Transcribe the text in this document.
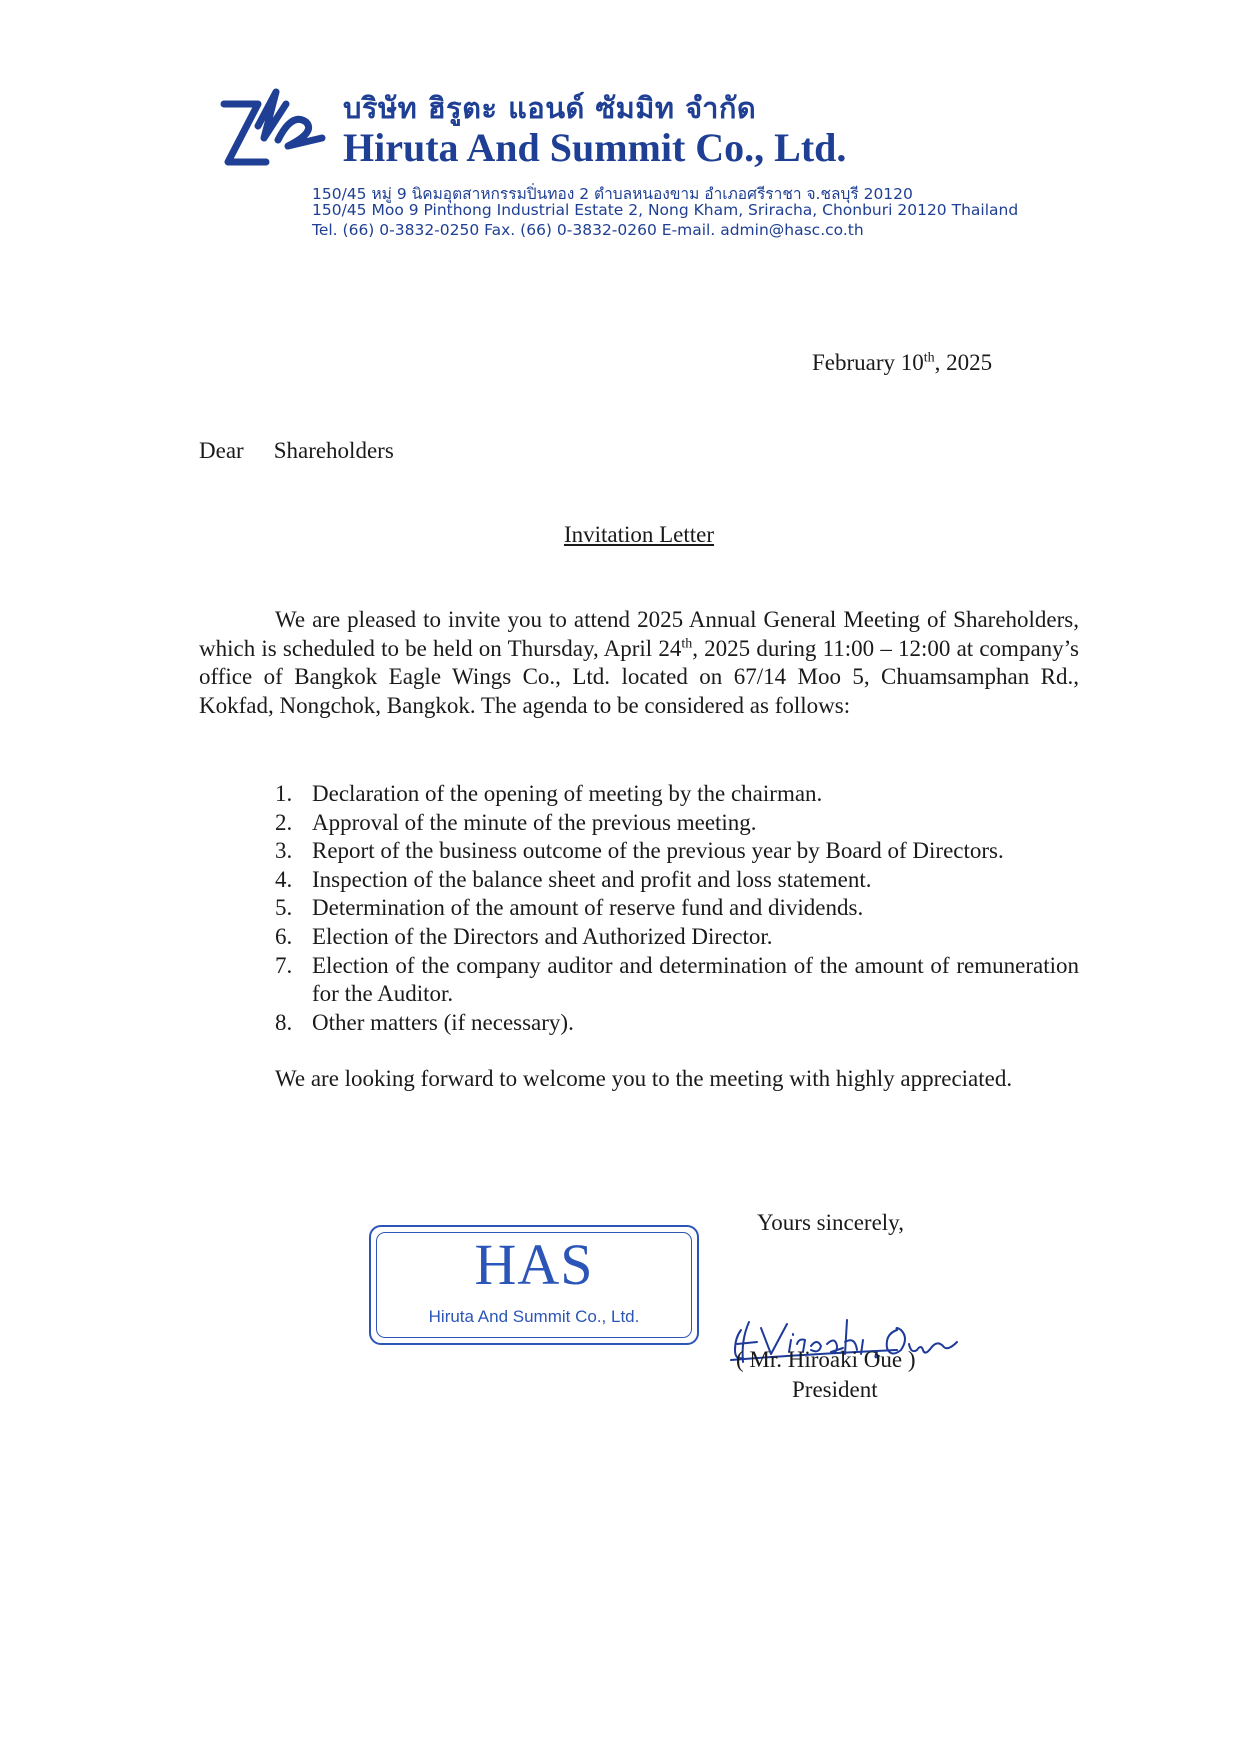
บริษัท ฮิรูตะ แอนด์ ซัมมิท จำกัด
Hiruta And Summit Co., Ltd.
150/45 หมู่ 9 นิคมอุตสาหกรรมปิ่นทอง 2 ตำบลหนองขาม อำเภอศรีราชา จ.ชลบุรี 20120
150/45 Moo 9 Pinthong Industrial Estate 2, Nong Kham, Sriracha, Chonburi 20120 Thailand
Tel. (66) 0-3832-0250 Fax. (66) 0-3832-0260 E-mail. admin@hasc.co.th
February 10th, 2025
Dear Shareholders
Invitation Letter
We are pleased to invite you to attend 2025 Annual General Meeting of Shareholders, which is scheduled to be held on Thursday, April 24th, 2025 during 11:00 – 12:00 at company’s office of Bangkok Eagle Wings Co., Ltd. located on 67/14 Moo 5, Chuamsamphan Rd., Kokfad, Nongchok, Bangkok. The agenda to be considered as follows:
1. Declaration of the opening of meeting by the chairman.
2. Approval of the minute of the previous meeting.
3. Report of the business outcome of the previous year by Board of Directors.
4. Inspection of the balance sheet and profit and loss statement.
5. Determination of the amount of reserve fund and dividends.
6. Election of the Directors and Authorized Director.
7. Election of the company auditor and determination of the amount of remuneration for the Auditor.
8. Other matters (if necessary).
We are looking forward to welcome you to the meeting with highly appreciated.
Yours sincerely,
HAS
Hiruta And Summit Co., Ltd.
( Mr. Hiroaki Oue )
President
